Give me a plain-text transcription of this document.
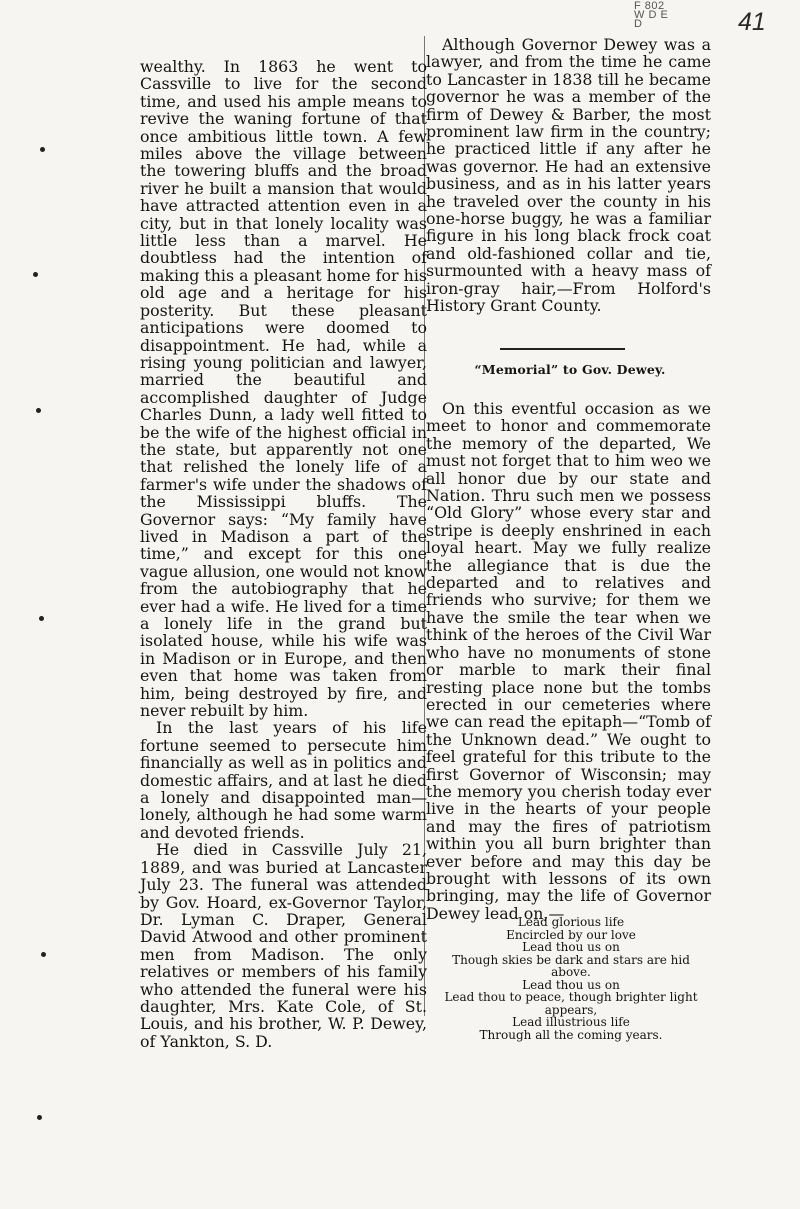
F 802
W D E
D	41

wealthy. In 1863 he went to Cassville to live for the second time, and used his ample means to revive the waning fortune of that once ambitious little town. A few miles above the village between the towering bluffs and the broad river he built a mansion that would have attracted attention even in a city, but in that lonely locality was little less than a marvel. He doubtless had the intention of making this a pleasant home for his old age and a heritage for his posterity. But these pleasant anticipations were doomed to disappointment. He had, while a rising young politician and lawyer, married the beautiful and accomplished daughter of Judge Charles Dunn, a lady well fitted to be the wife of the highest official in the state, but apparently not one that relished the lonely life of a farmer's wife under the shadows of the Mississippi bluffs. The Governor says: “My family have lived in Madison a part of the time,” and except for this one vague allusion, one would not know from the autobiography that he ever had a wife. He lived for a time a lonely life in the grand but isolated house, while his wife was in Madison or in Europe, and then even that home was taken from him, being destroyed by fire, and never rebuilt by him.

In the last years of his life fortune seemed to persecute him financially as well as in politics and domestic affairs, and at last he died a lonely and disappointed man—lonely, although he had some warm and devoted friends.

He died in Cassville July 21, 1889, and was buried at Lancaster July 23. The funeral was attended by Gov. Hoard, ex-Governor Taylor, Dr. Lyman C. Draper, General David Atwood and other prominent men from Madison. The only relatives or members of his family who attended the funeral were his daughter, Mrs. Kate Cole, of St. Louis, and his brother, W. P. Dewey, of Yankton, S. D.

Although Governor Dewey was a lawyer, and from the time he came to Lancaster in 1838 till he became governor he was a member of the firm of Dewey & Barber, the most prominent law firm in the country; he practiced little if any after he was governor. He had an extensive business, and as in his latter years he traveled over the county in his one-horse buggy, he was a familiar figure in his long black frock coat and old-fashioned collar and tie, surmounted with a heavy mass of iron-gray hair,—From Holford's History Grant County.

“Memorial” to Gov. Dewey.

On this eventful occasion as we meet to honor and commemorate the memory of the departed, We must not forget that to him weo we all honor due by our state and Nation. Thru such men we possess “Old Glory” whose every star and stripe is deeply enshrined in each loyal heart. May we fully realize the allegiance that is due the departed and to relatives and friends who survive; for them we have the smile the tear when we think of the heroes of the Civil War who have no monuments of stone or marble to mark their final resting place none but the tombs erected in our cemeteries where we can read the epitaph—“Tomb of the Unknown dead.” We ought to feel grateful for this tribute to the first Governor of Wisconsin; may the memory you cherish today ever live in the hearts of your people and may the fires of patriotism within you all burn brighter than ever before and may this day be brought with lessons of its own bringing, may the life of Governor Dewey lead on,—

Lead glorious life
Encircled by our love
Lead thou us on
Though skies be dark and stars are hid
above.
Lead thou us on
Lead thou to peace, though brighter light
appears,
Lead illustrious life
Through all the coming years.
